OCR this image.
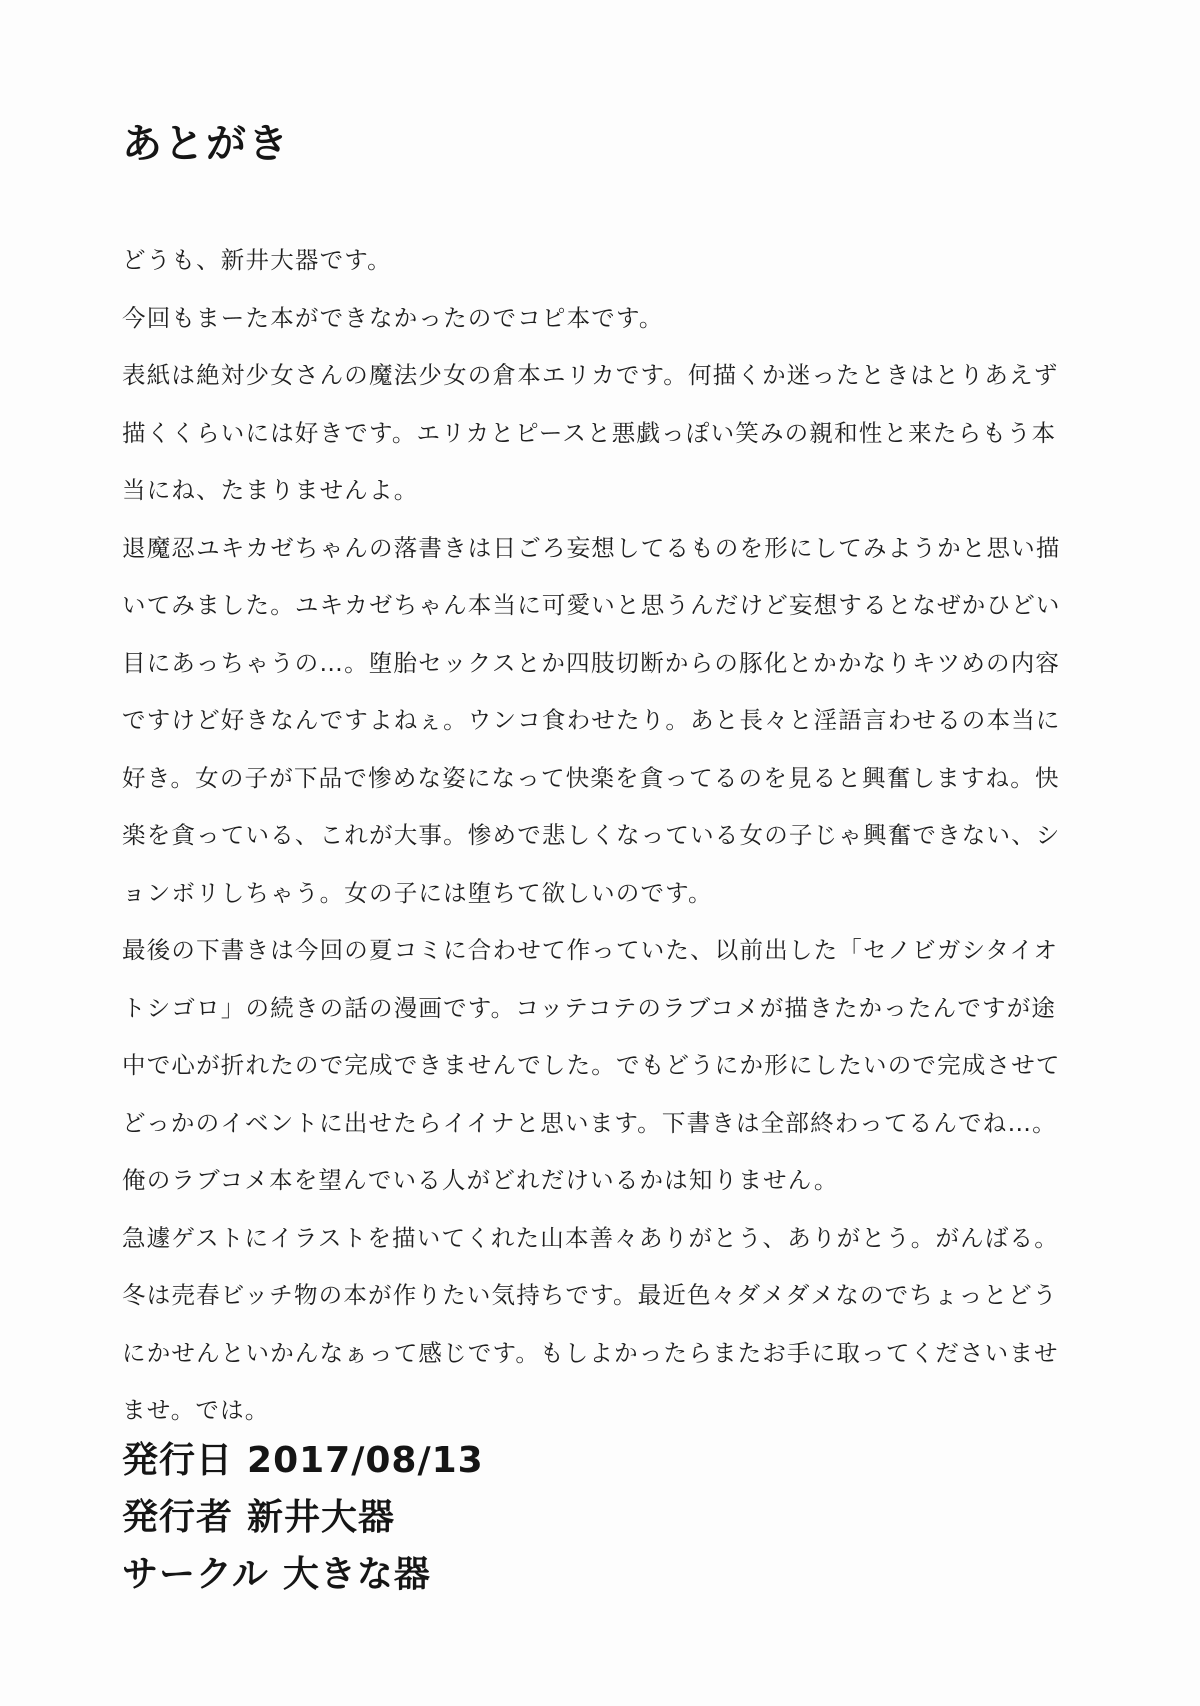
あとがき
どうも、新井大器です。
今回もまーた本ができなかったのでコピ本です。
表紙は絶対少女さんの魔法少女の倉本エリカです。何描くか迷ったときはとりあえず
描くくらいには好きです。エリカとピースと悪戯っぽい笑みの親和性と来たらもう本
当にね、たまりませんよ。
退魔忍ユキカゼちゃんの落書きは日ごろ妄想してるものを形にしてみようかと思い描
いてみました。ユキカゼちゃん本当に可愛いと思うんだけど妄想するとなぜかひどい
目にあっちゃうの…。堕胎セックスとか四肢切断からの豚化とかかなりキツめの内容
ですけど好きなんですよねぇ。ウンコ食わせたり。あと長々と淫語言わせるの本当に
好き。女の子が下品で惨めな姿になって快楽を貪ってるのを見ると興奮しますね。快
楽を貪っている、これが大事。惨めで悲しくなっている女の子じゃ興奮できない、シ
ョンボリしちゃう。女の子には堕ちて欲しいのです。
最後の下書きは今回の夏コミに合わせて作っていた、以前出した「セノビガシタイオ
トシゴロ」の続きの話の漫画です。コッテコテのラブコメが描きたかったんですが途
中で心が折れたので完成できませんでした。でもどうにか形にしたいので完成させて
どっかのイベントに出せたらイイナと思います。下書きは全部終わってるんでね…。
俺のラブコメ本を望んでいる人がどれだけいるかは知りません。
急遽ゲストにイラストを描いてくれた山本善々ありがとう、ありがとう。がんばる。
冬は売春ビッチ物の本が作りたい気持ちです。最近色々ダメダメなのでちょっとどう
にかせんといかんなぁって感じです。もしよかったらまたお手に取ってくださいませ
ませ。では。
発行日 2017/08/13
発行者 新井大器
サークル 大きな器
